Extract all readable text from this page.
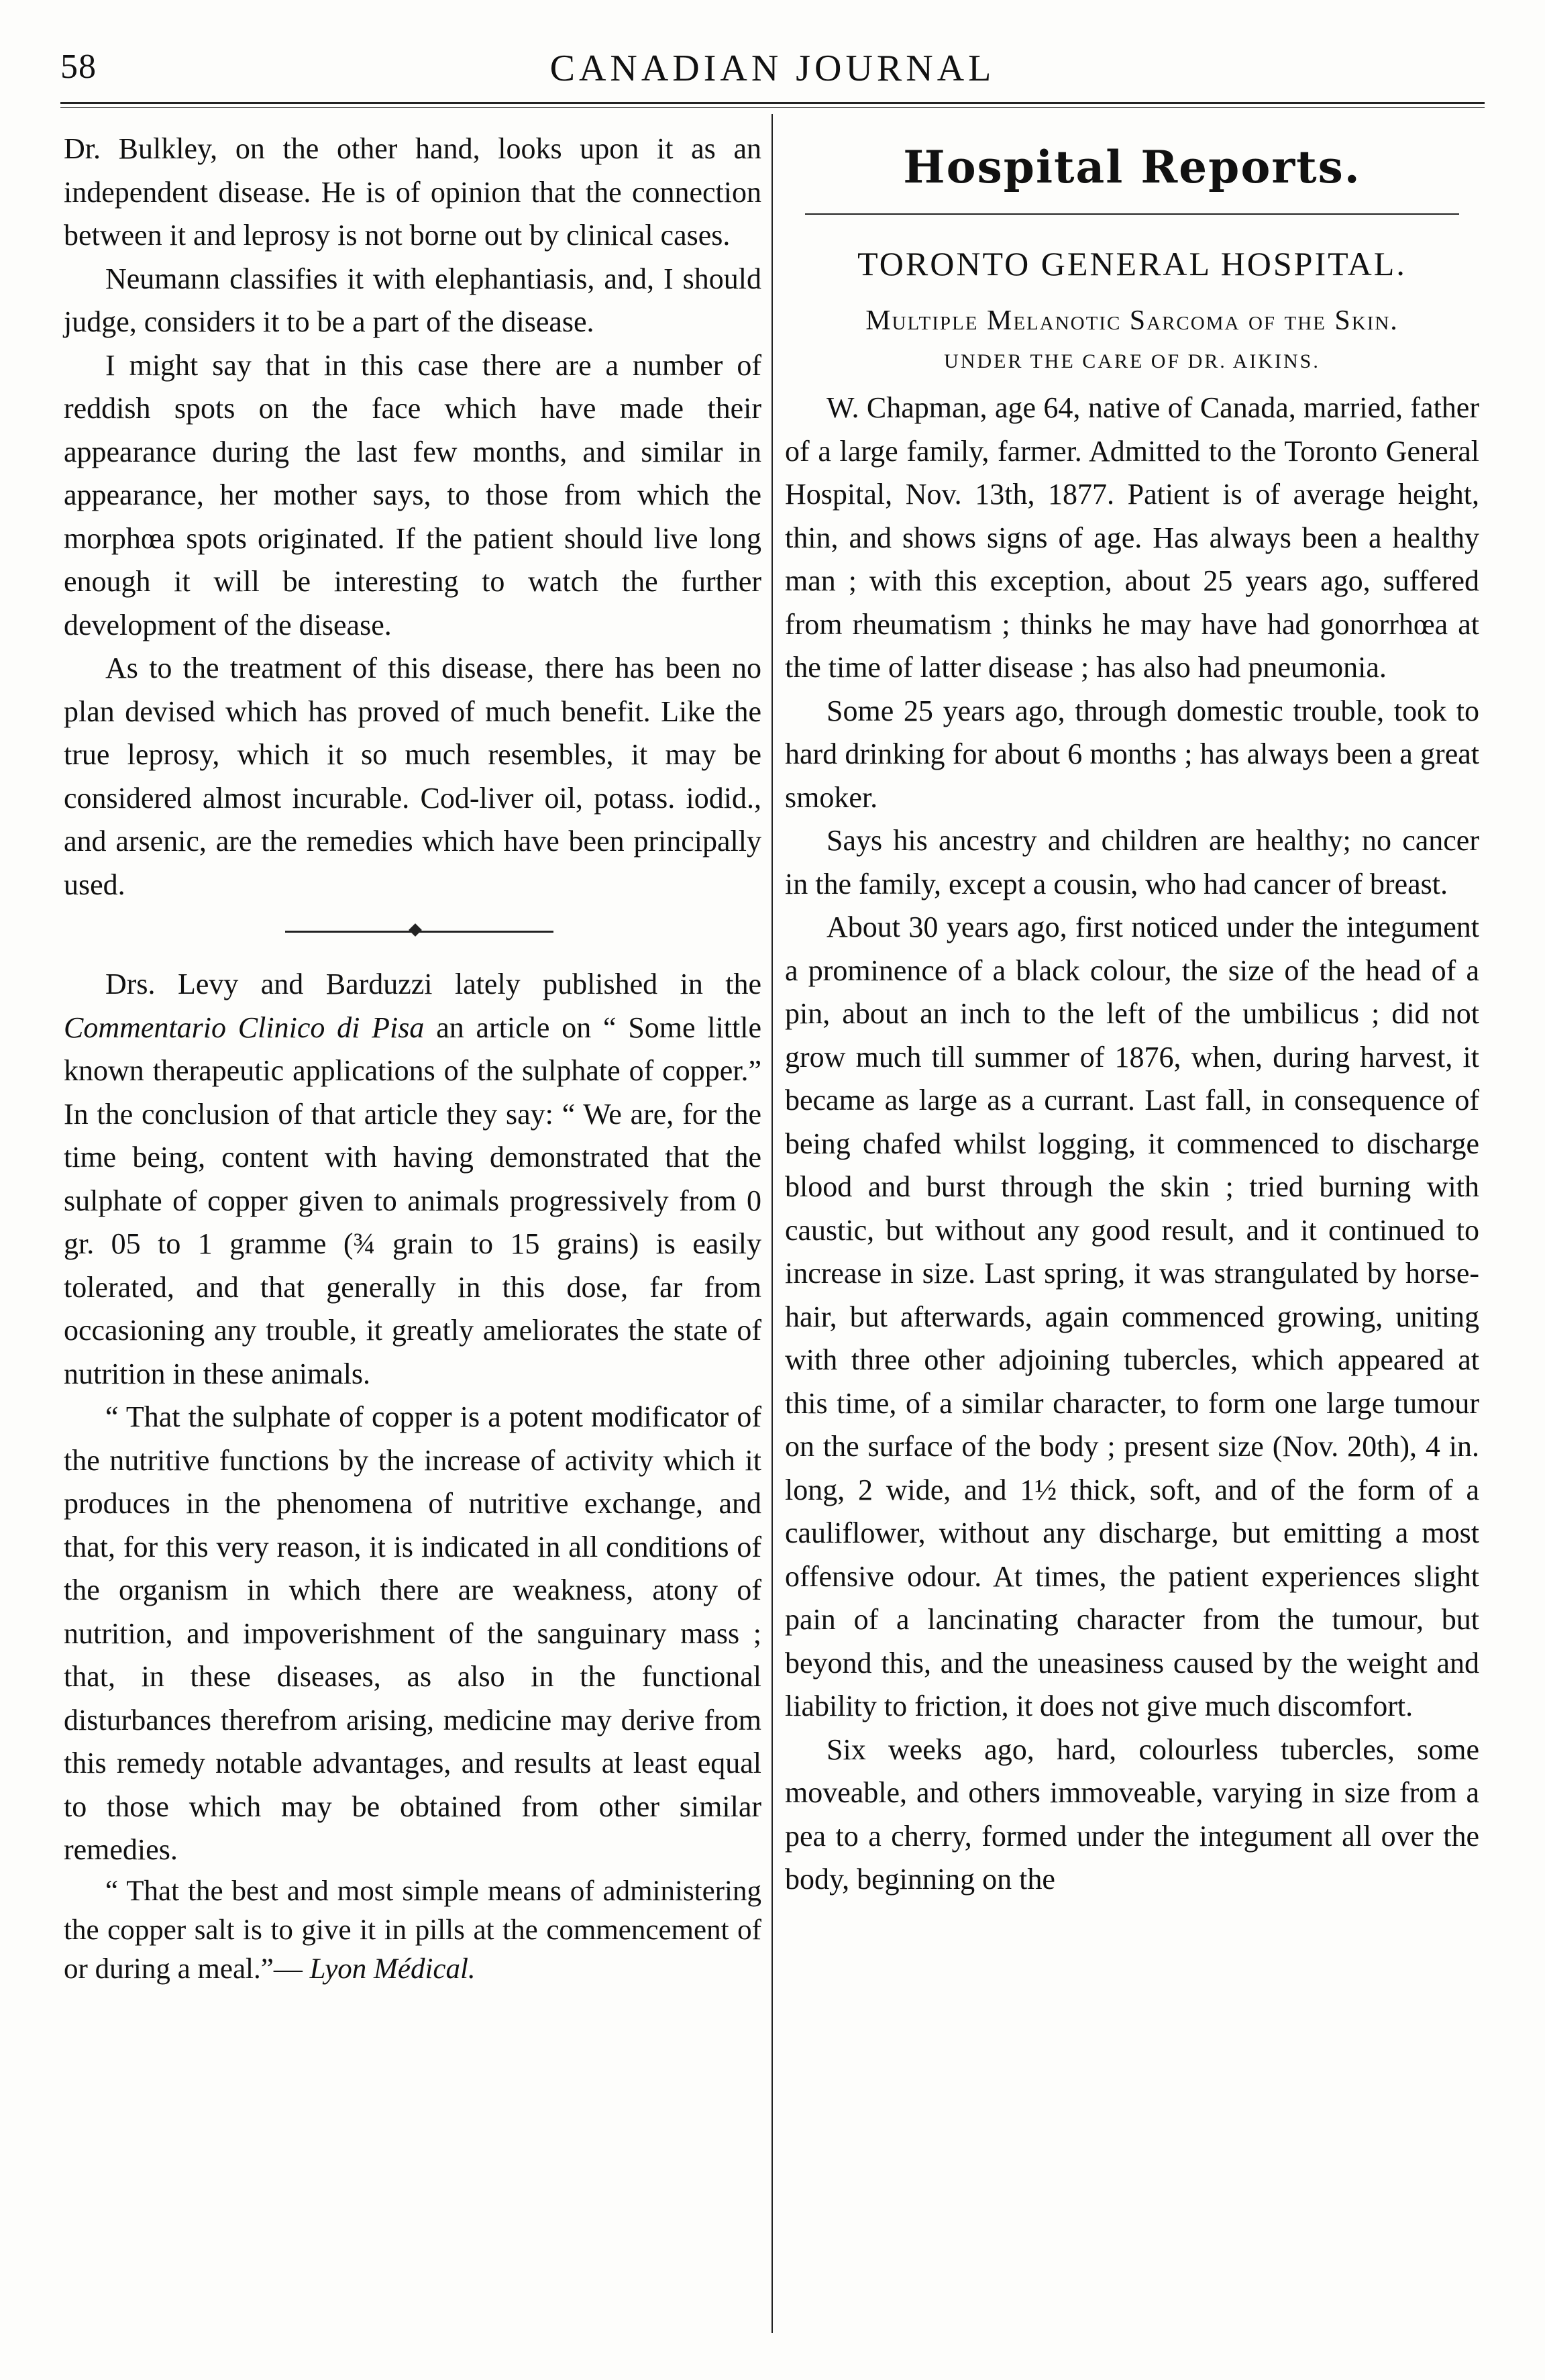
58	CANADIAN JOURNAL

Dr. Bulkley, on the other hand, looks upon it as an independent disease. He is of opinion that the connection between it and leprosy is not borne out by clinical cases.

Neumann classifies it with elephantiasis, and, I should judge, considers it to be a part of the disease.

I might say that in this case there are a number of reddish spots on the face which have made their appearance during the last few months, and similar in appearance, her mother says, to those from which the morphœa spots originated. If the patient should live long enough it will be interesting to watch the further development of the disease.

As to the treatment of this disease, there has been no plan devised which has proved of much benefit. Like the true leprosy, which it so much resembles, it may be considered almost incurable. Cod-liver oil, potass. iodid., and arsenic, are the remedies which have been principally used.

Drs. Levy and Barduzzi lately published in the Commentario Clinico di Pisa an article on “ Some little known therapeutic applications of the sulphate of copper.” In the conclusion of that article they say: “ We are, for the time being, content with having demonstrated that the sulphate of copper given to animals progressively from 0 gr. 05 to 1 gramme (¾ grain to 15 grains) is easily tolerated, and that generally in this dose, far from occasioning any trouble, it greatly ameliorates the state of nutrition in these animals.

“ That the sulphate of copper is a potent modificator of the nutritive functions by the increase of activity which it produces in the phenomena of nutritive exchange, and that, for this very reason, it is indicated in all conditions of the organism in which there are weakness, atony of nutrition, and impoverishment of the sanguinary mass ; that, in these diseases, as also in the functional disturbances therefrom arising, medicine may derive from this remedy notable advantages, and results at least equal to those which may be obtained from other similar remedies.

“ That the best and most simple means of administering the copper salt is to give it in pills at the commencement of or during a meal.”— Lyon Médical.

Hospital Reports.
TORONTO GENERAL HOSPITAL.
Multiple Melanotic Sarcoma of the Skin.
UNDER THE CARE OF DR. AIKINS.

W. Chapman, age 64, native of Canada, married, father of a large family, farmer. Admitted to the Toronto General Hospital, Nov. 13th, 1877. Patient is of average height, thin, and shows signs of age. Has always been a healthy man ; with this exception, about 25 years ago, suffered from rheumatism ; thinks he may have had gonorrhœa at the time of latter disease ; has also had pneumonia.

Some 25 years ago, through domestic trouble, took to hard drinking for about 6 months ; has always been a great smoker.

Says his ancestry and children are healthy; no cancer in the family, except a cousin, who had cancer of breast.

About 30 years ago, first noticed under the integument a prominence of a black colour, the size of the head of a pin, about an inch to the left of the umbilicus ; did not grow much till summer of 1876, when, during harvest, it became as large as a currant. Last fall, in consequence of being chafed whilst logging, it commenced to discharge blood and burst through the skin ; tried burning with caustic, but without any good result, and it continued to increase in size. Last spring, it was strangulated by horse-hair, but afterwards, again commenced growing, uniting with three other adjoining tubercles, which appeared at this time, of a similar character, to form one large tumour on the surface of the body ; present size (Nov. 20th), 4 in. long, 2 wide, and 1½ thick, soft, and of the form of a cauliflower, without any discharge, but emitting a most offensive odour. At times, the patient experiences slight pain of a lancinating character from the tumour, but beyond this, and the uneasiness caused by the weight and liability to friction, it does not give much discomfort.

Six weeks ago, hard, colourless tubercles, some moveable, and others immoveable, varying in size from a pea to a cherry, formed under the integument all over the body, beginning on the
